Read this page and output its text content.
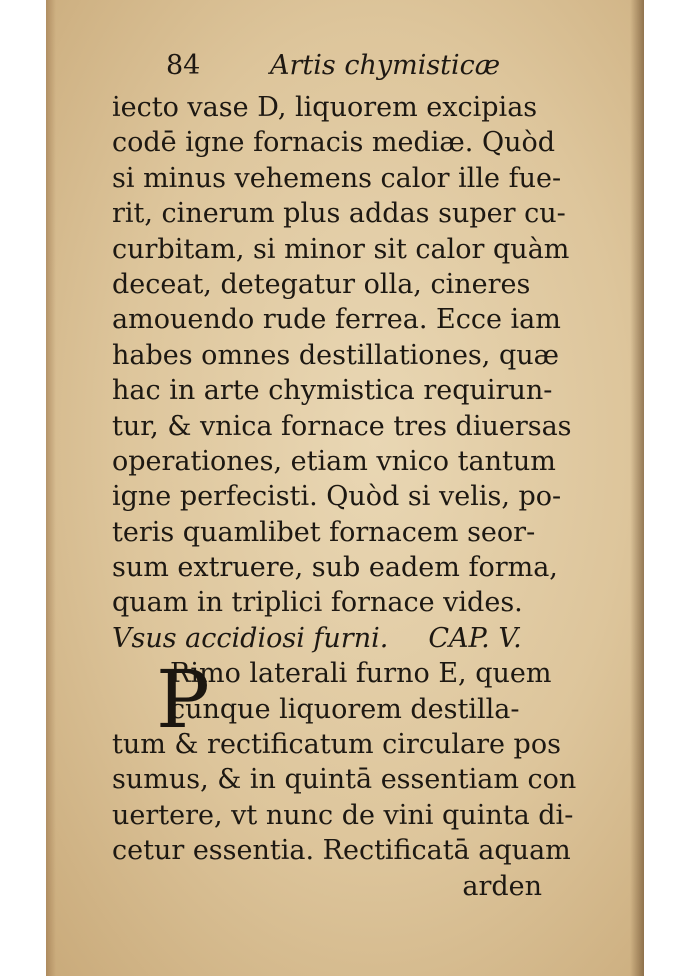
84	Artis chymisticæ
iecto vase D, liquorem excipias
codē igne fornacis mediæ. Quòd
si minus vehemens calor ille fue-
rit, cinerum plus addas super cu-
curbitam, si minor sit calor quàm
deceat, detegatur olla, cineres
amouendo rude ferrea. Ecce iam
habes omnes destillationes, quæ
hac in arte chymistica requirun-
tur, & vnica fornace tres diuersas
operationes, etiam vnico tantum
igne perfecisti. Quòd si velis, po-
teris quamlibet fornacem seor-
sum extruere, sub eadem forma,
quam in triplici fornace vides.
Vsus accidiosi furni. CAP. V.
Rimo laterali furno E, quem
cunque liquorem destilla-
tum & rectificatum circulare pos
sumus, & in quintā essentiam con
uertere, vt nunc de vini quinta di-
cetur essentia. Rectificatā aquam
arden
P
